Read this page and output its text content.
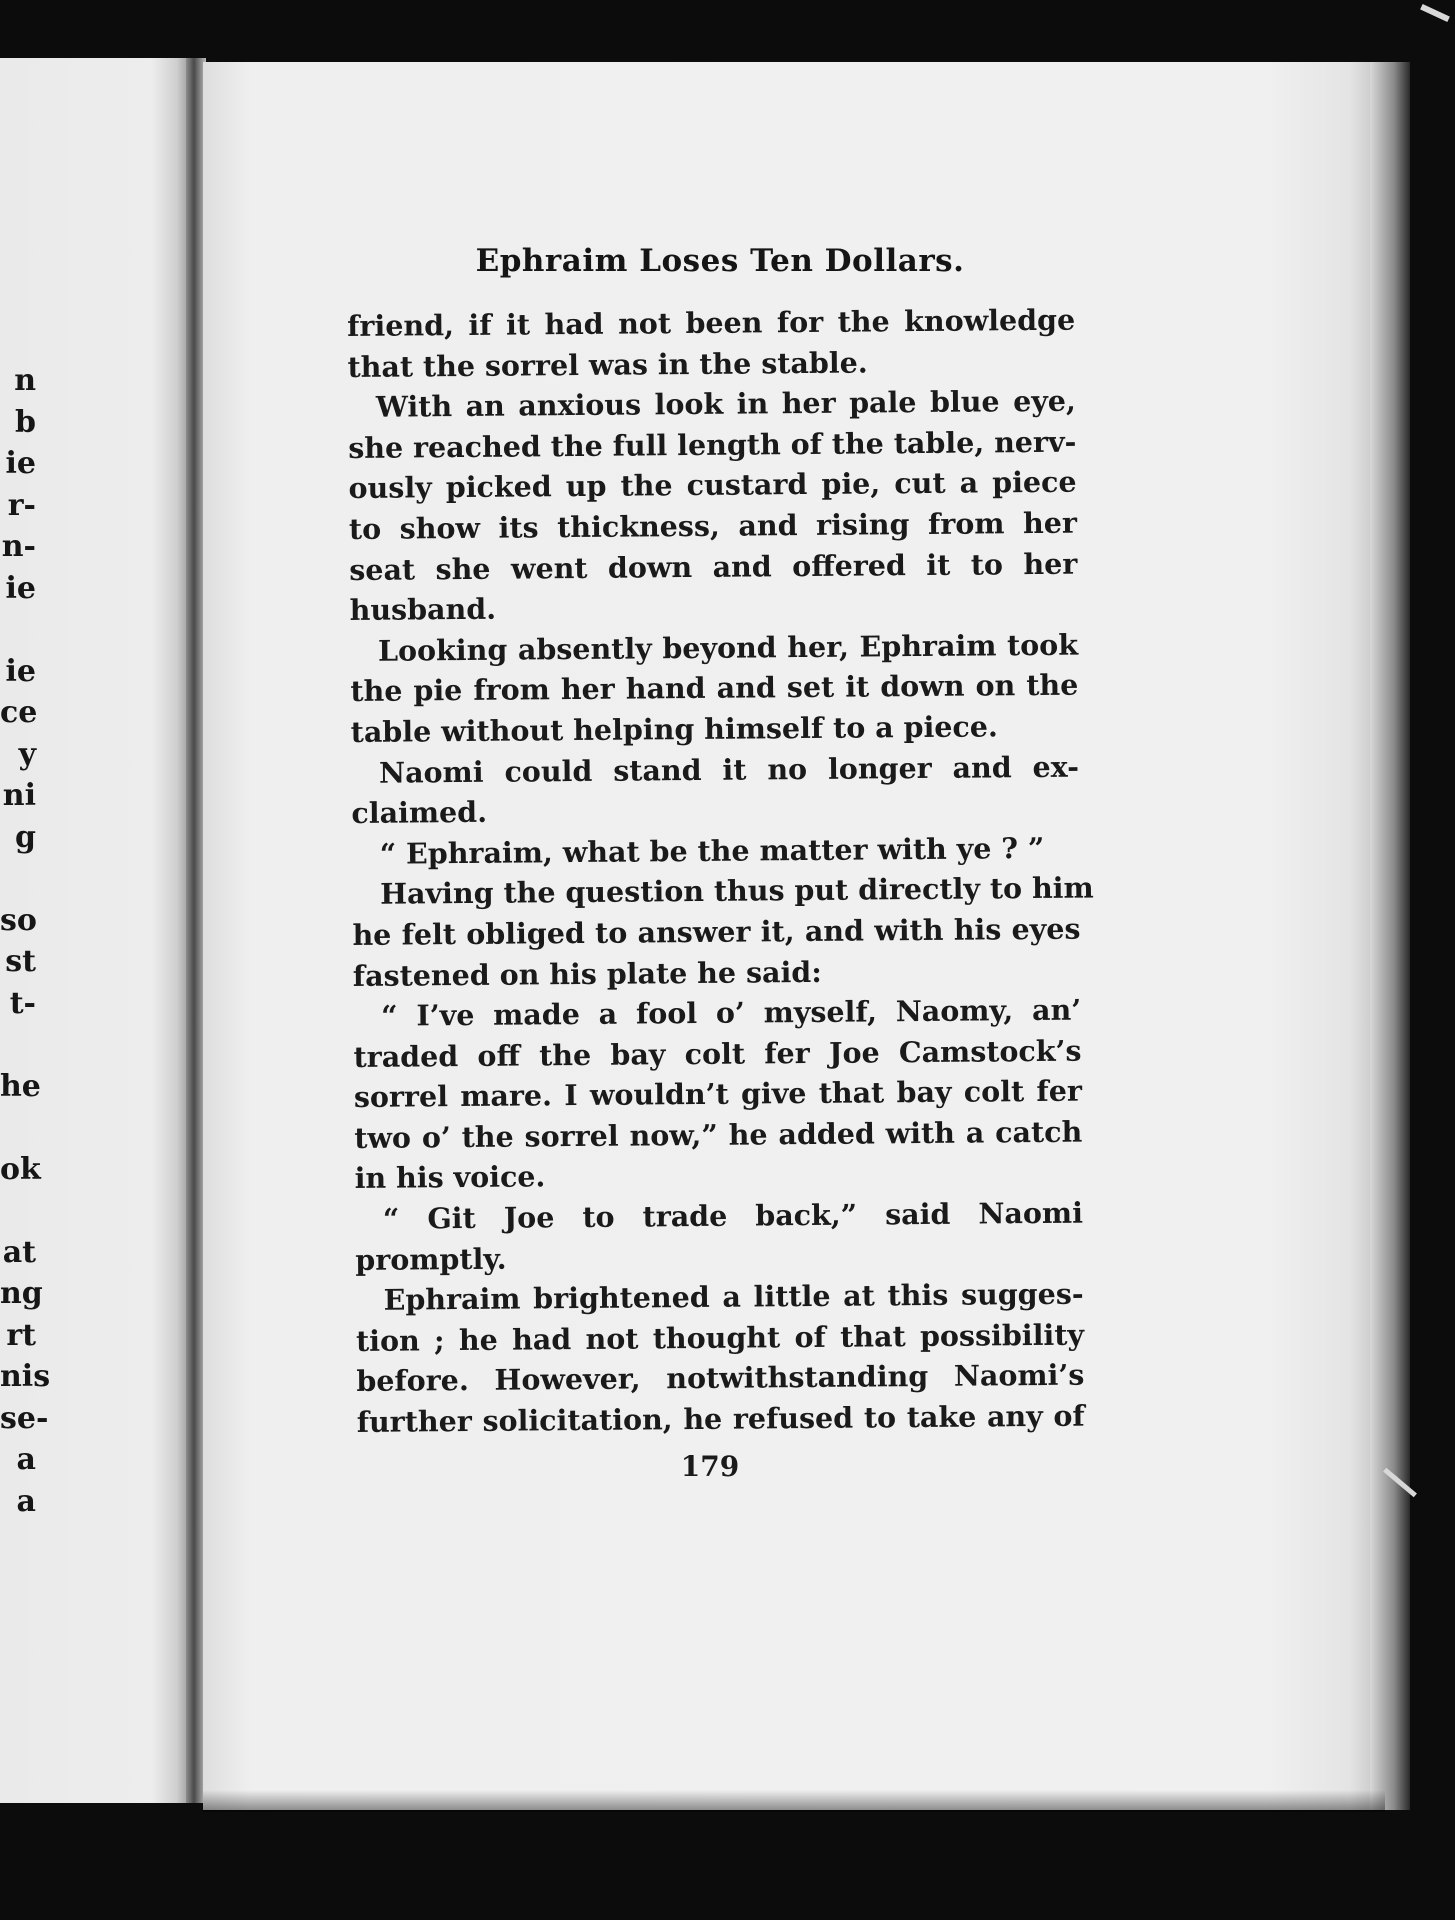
n
b
ie
r-
n-
ie
ie
ce
y
ni
g
so
st
t-
he
ok
at
ng
rt
nis
se-
a
a
Ephraim Loses Ten Dollars.
friend, if it had not been for the knowledge
that the sorrel was in the stable.
With an anxious look in her pale blue eye,
she reached the full length of the table, nerv-
ously picked up the custard pie, cut a piece
to show its thickness, and rising from her
seat she went down and offered it to her
husband.
Looking absently beyond her, Ephraim took
the pie from her hand and set it down on the
table without helping himself to a piece.
Naomi could stand it no longer and ex-
claimed.
“ Ephraim, what be the matter with ye ? ”
Having the question thus put directly to him
he felt obliged to answer it, and with his eyes
fastened on his plate he said:
“ I’ve made a fool o’ myself, Naomy, an’
traded off the bay colt fer Joe Camstock’s
sorrel mare. I wouldn’t give that bay colt fer
two o’ the sorrel now,” he added with a catch
in his voice.
“ Git Joe to trade back,” said Naomi
promptly.
Ephraim brightened a little at this sugges-
tion ; he had not thought of that possibility
before. However, notwithstanding Naomi’s
further solicitation, he refused to take any of
179
